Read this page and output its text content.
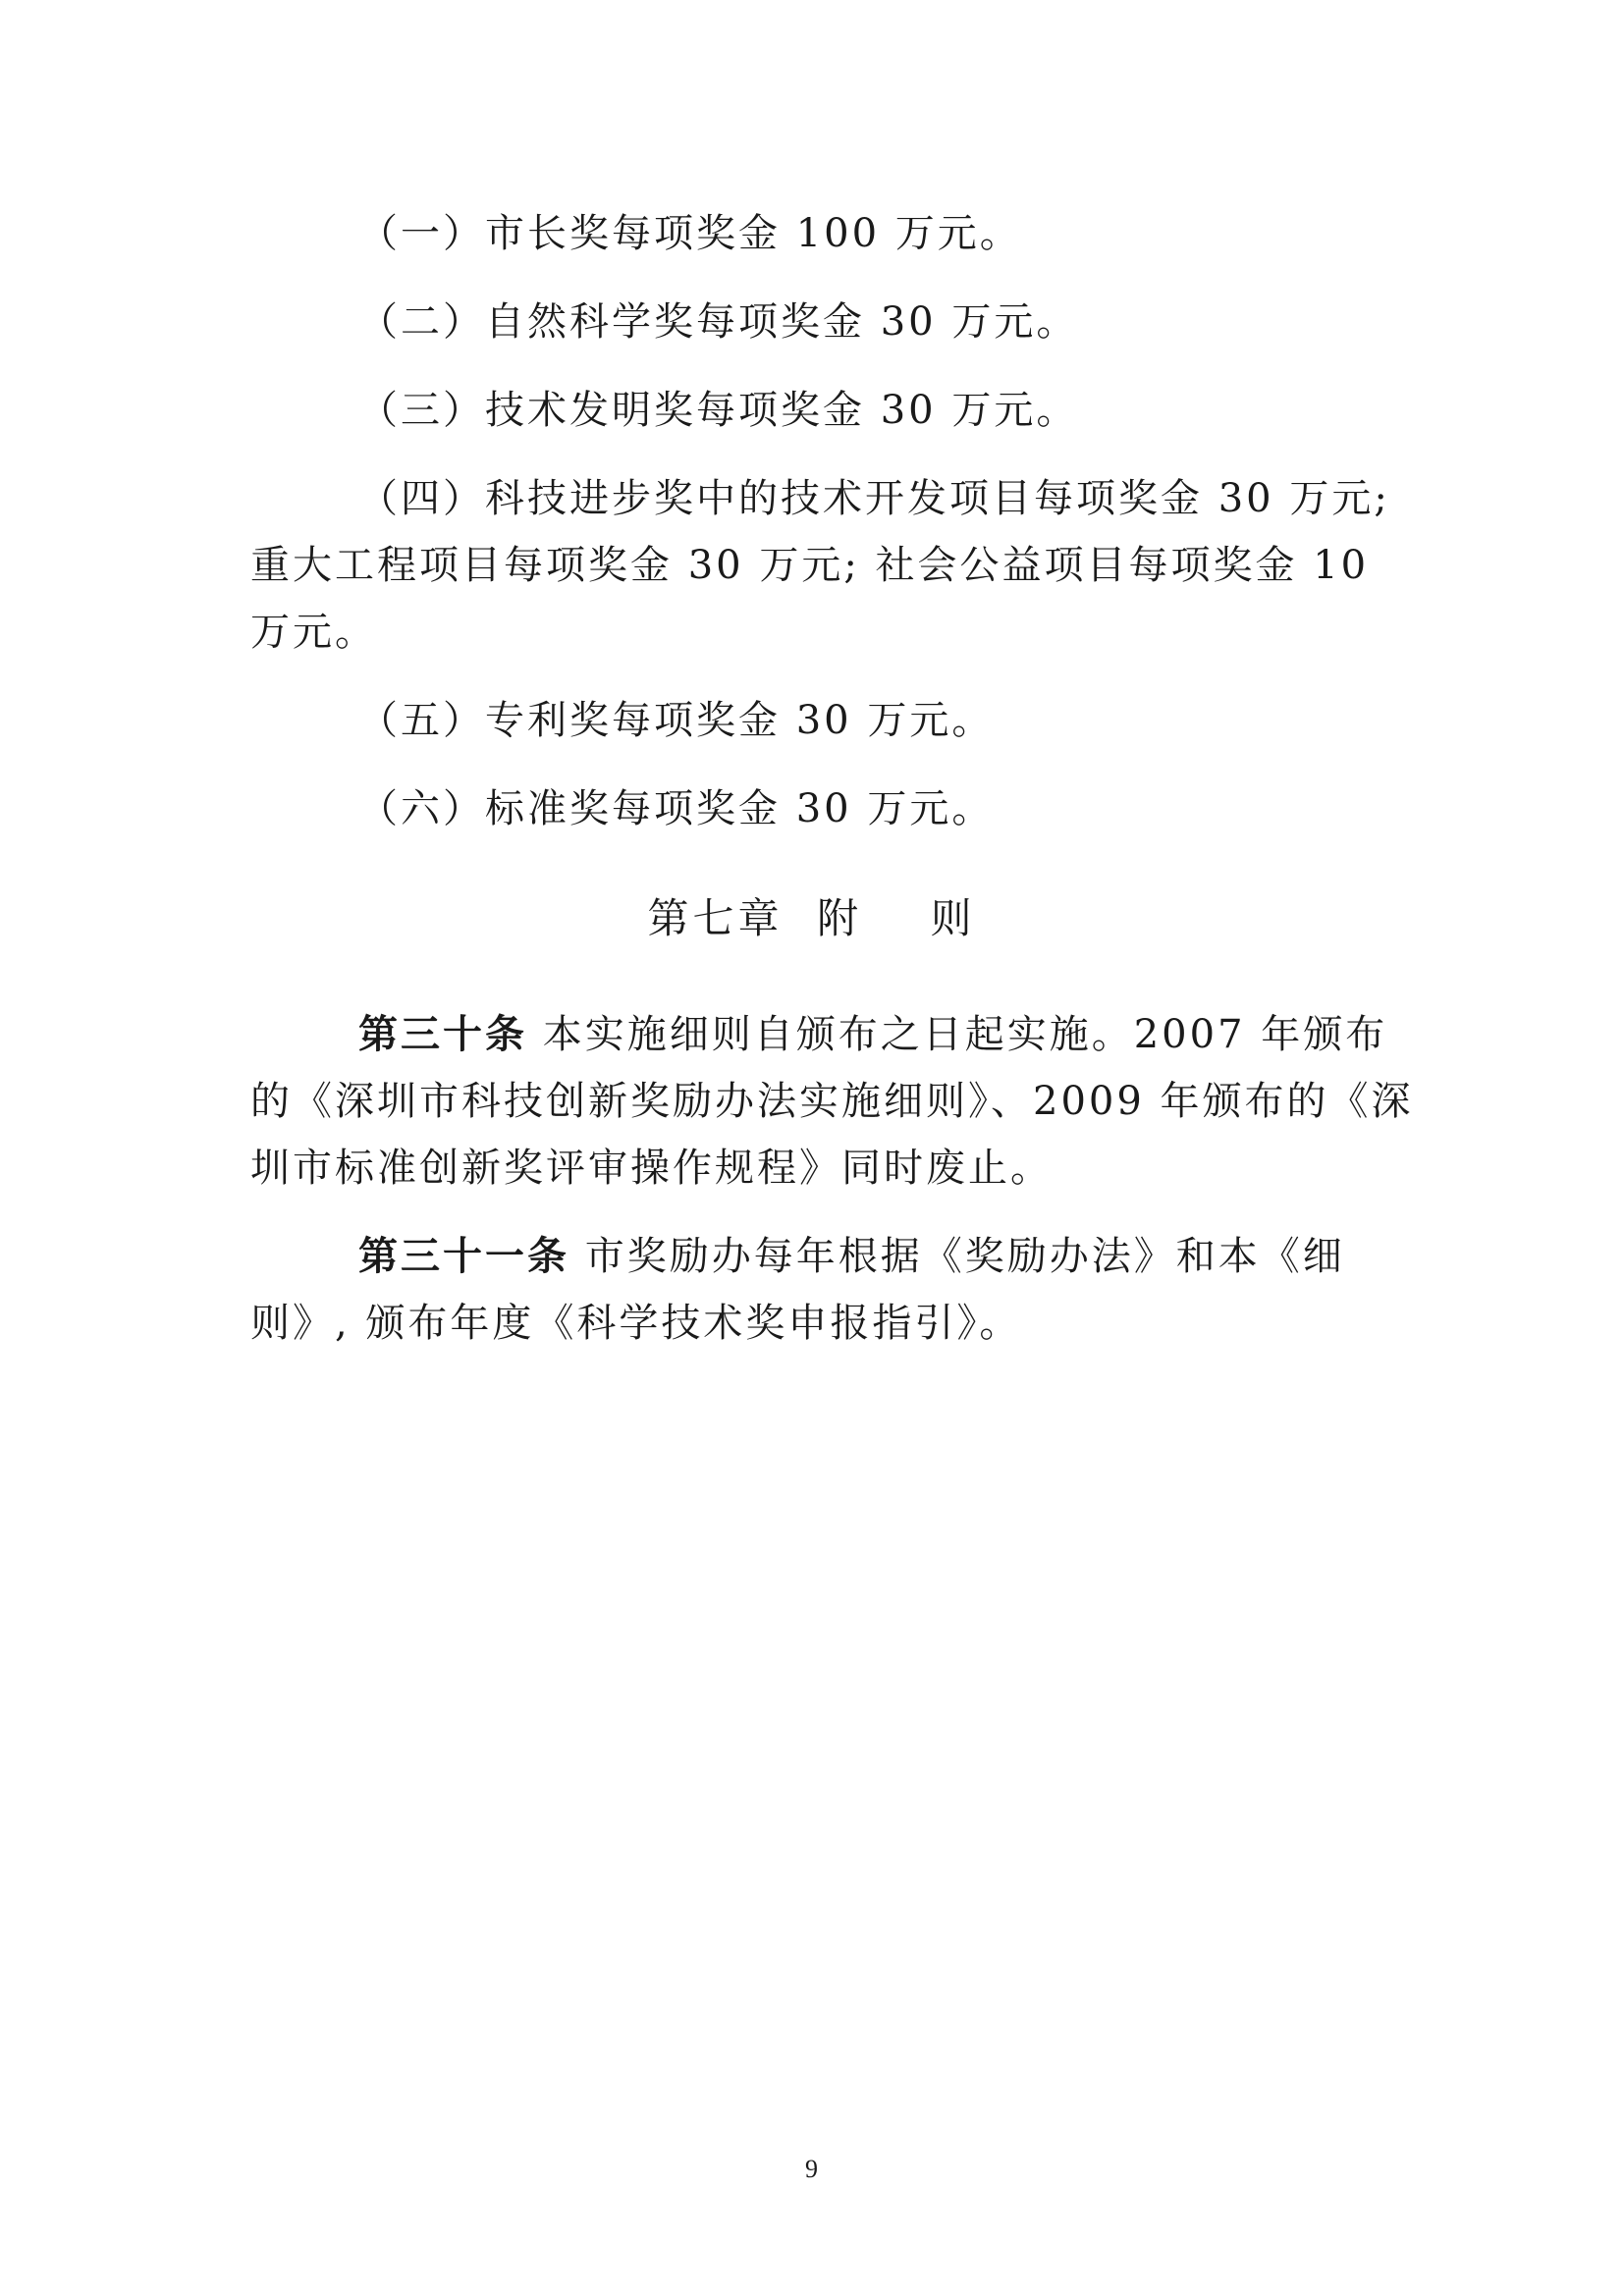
（一）市长奖每项奖金 100 万元。
（二）自然科学奖每项奖金 30 万元。
（三）技术发明奖每项奖金 30 万元。
（四）科技进步奖中的技术开发项目每项奖金 30 万元;
重大工程项目每项奖金 30 万元; 社会公益项目每项奖金 10
万元。
（五）专利奖每项奖金 30 万元。
（六）标准奖每项奖金 30 万元。
第七章  附    则
第三十条 本实施细则自颁布之日起实施。2007 年颁布
的《深圳市科技创新奖励办法实施细则》、2009 年颁布的《深
圳市标准创新奖评审操作规程》同时废止。
第三十一条 市奖励办每年根据《奖励办法》和本《细
则》, 颁布年度《科学技术奖申报指引》。
9
